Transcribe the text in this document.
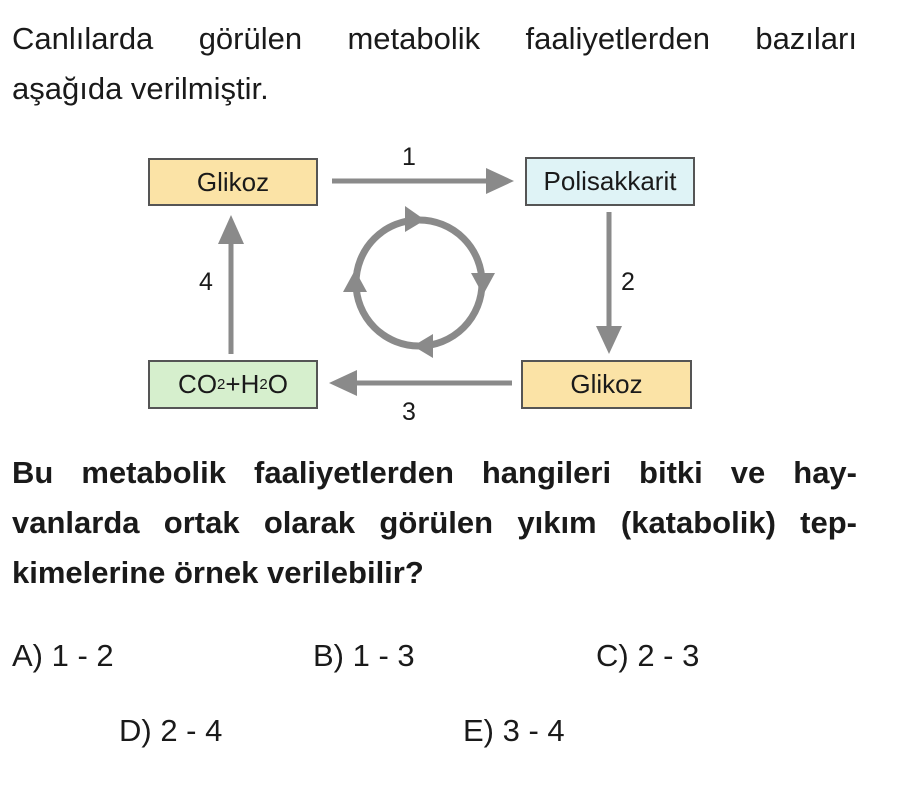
Canlılarda görülen metabolik faaliyetlerden bazıları
aşağıda verilmiştir.
Glikoz	Polisakkarit
Glikoz
CO 2 +H 2 O
1
2
3
4
Bu metabolik faaliyetlerden hangileri bitki ve hay-
vanlarda ortak olarak görülen yıkım (katabolik) tep-
kimelerine örnek verilebilir?
A) 1 - 2	B) 1 - 3	C) 2 - 3
D) 2 - 4	E) 3 - 4
